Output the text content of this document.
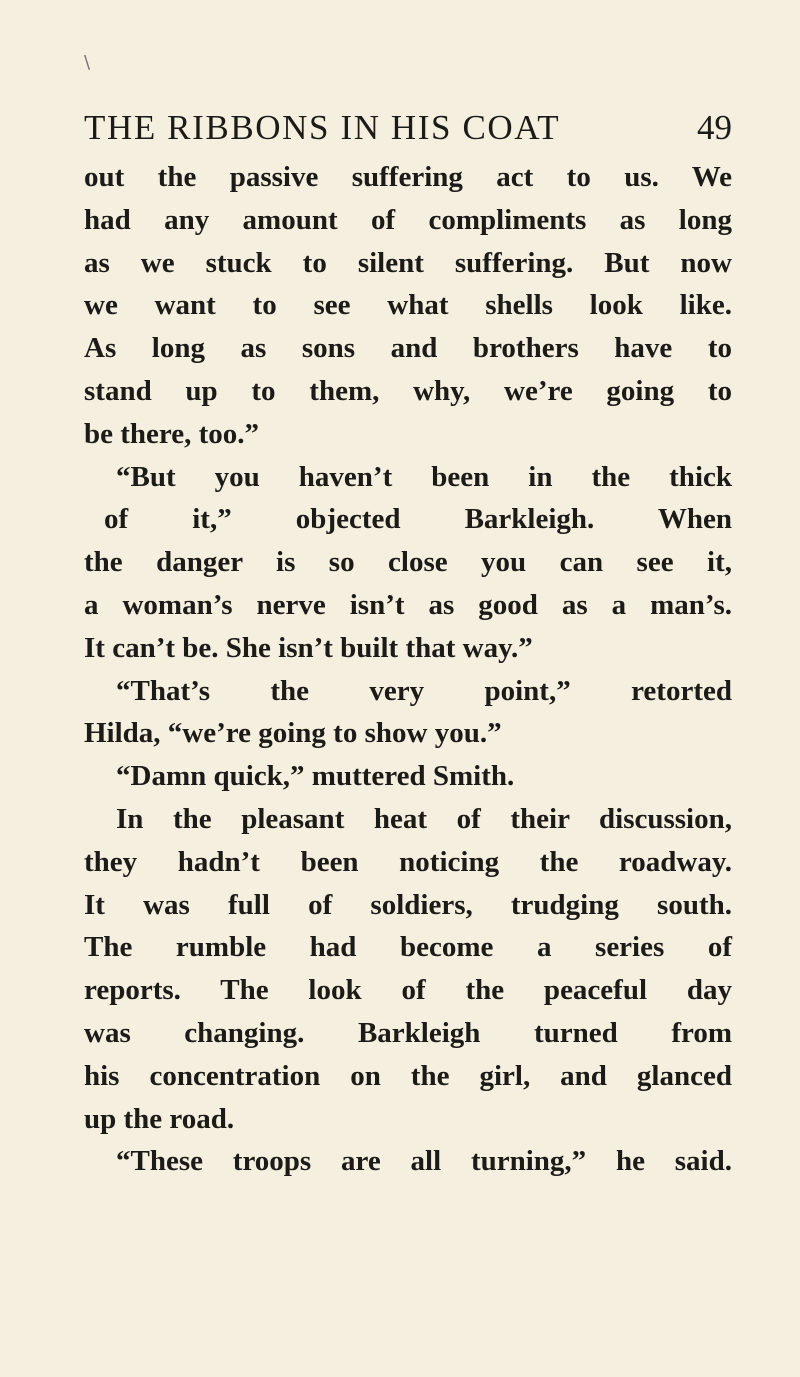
\
THE RIBBONS IN HIS COAT	49
out the passive suffering act to us. We
had any amount of compliments as long
as we stuck to silent suffering. But now
we want to see what shells look like.
As long as sons and brothers have to
stand up to them, why, we’re going to
be there, too.”
“But you haven’t been in the thick
of it,” objected Barkleigh. When
the danger is so close you can see it,
a woman’s nerve isn’t as good as a man’s.
It can’t be. She isn’t built that way.”
“That’s the very point,” retorted
Hilda, “we’re going to show you.”
“Damn quick,” muttered Smith.
In the pleasant heat of their discussion,
they hadn’t been noticing the roadway.
It was full of soldiers, trudging south.
The rumble had become a series of
reports. The look of the peaceful day
was changing. Barkleigh turned from
his concentration on the girl, and glanced
up the road.
“These troops are all turning,” he said.
